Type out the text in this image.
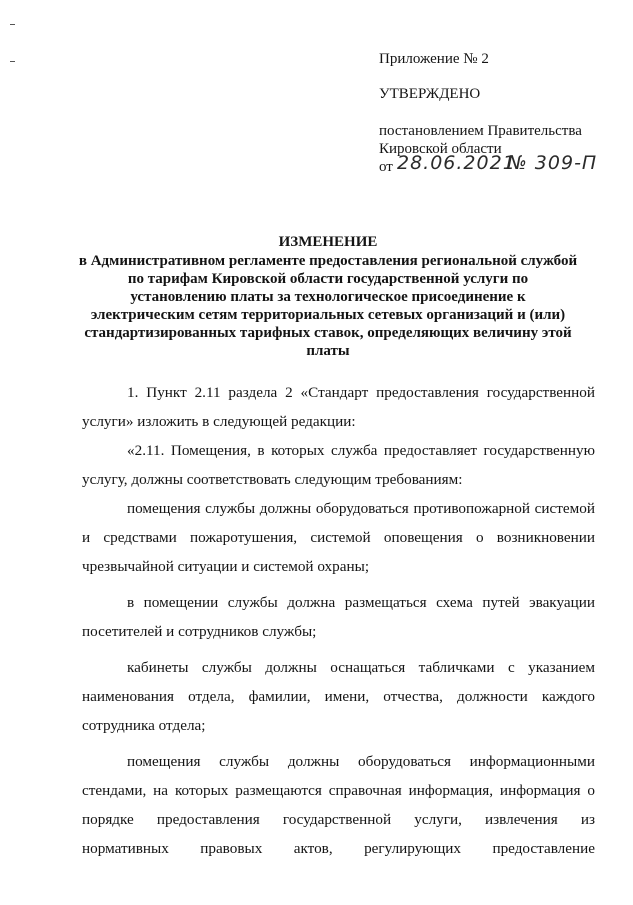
Приложение № 2
УТВЕРЖДЕНО
постановлением Правительства
Кировской области
от 28.06.2021
№ 309-П
ИЗМЕНЕНИЕ
в Административном регламенте предоставления региональной службой
по тарифам Кировской области государственной услуги по
установлению платы за технологическое присоединение к
электрическим сетям территориальных сетевых организаций и (или)
стандартизированных тарифных ставок, определяющих величину этой
платы
1. Пункт 2.11 раздела 2 «Стандарт предоставления государственной
услуги» изложить в следующей редакции:
«2.11. Помещения, в которых служба предоставляет государственную
услугу, должны соответствовать следующим требованиям:
помещения службы должны оборудоваться противопожарной системой
и средствами пожаротушения, системой оповещения о возникновении
чрезвычайной ситуации и системой охраны;
в помещении службы должна размещаться схема путей эвакуации
посетителей и сотрудников службы;
кабинеты службы должны оснащаться табличками с указанием
наименования отдела, фамилии, имени, отчества, должности каждого
сотрудника отдела;
помещения службы должны оборудоваться информационными
стендами, на которых размещаются справочная информация, информация о
порядке предоставления государственной услуги, извлечения из
нормативных правовых актов, регулирующих предоставление
